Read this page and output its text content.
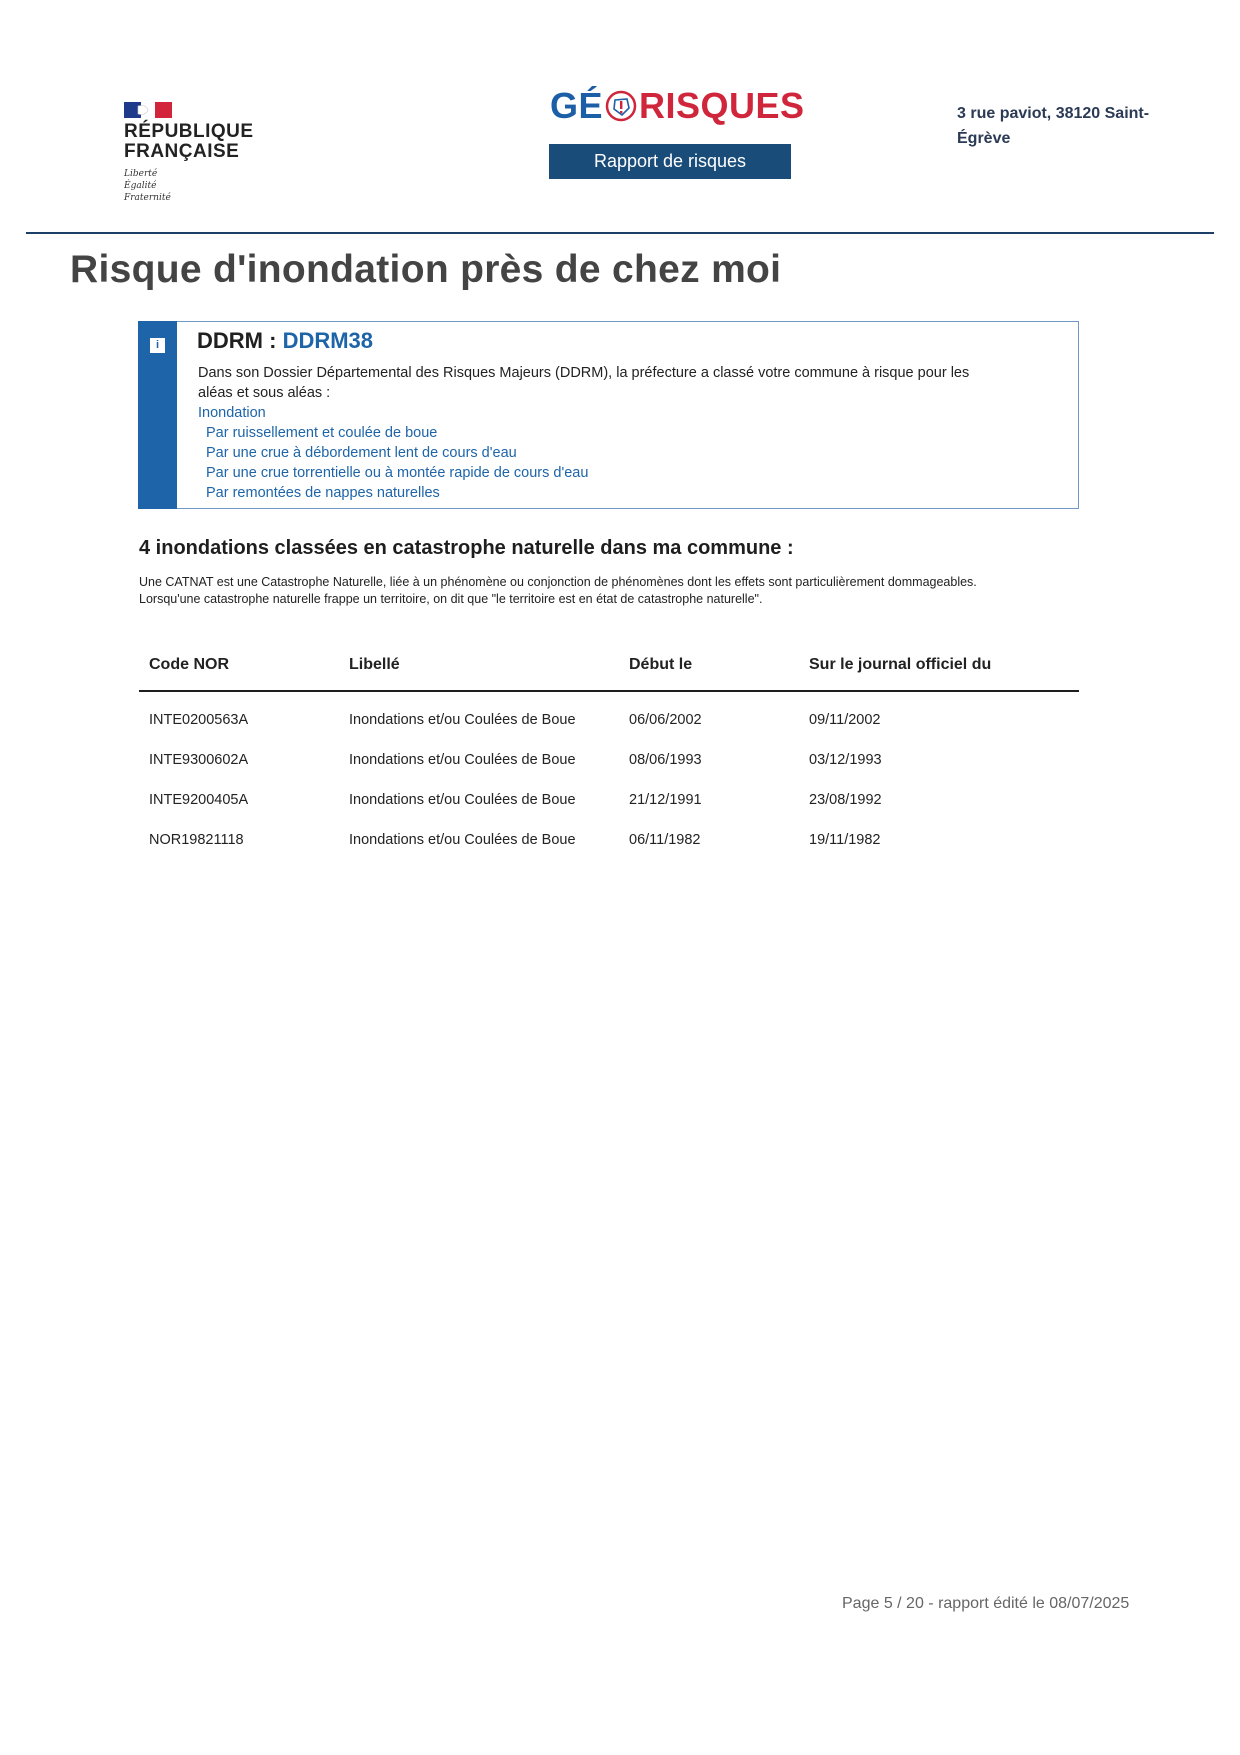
RÉPUBLIQUE
FRANÇAISE
Liberté
Égalité
Fraternité
GÉ RISQUES
Rapport de risques
3 rue paviot, 38120 Saint-Égrève
Risque d'inondation près de chez moi
i DDRM : DDRM38
Dans son Dossier Départemental des Risques Majeurs (DDRM), la préfecture a classé votre commune à risque pour les aléas et sous aléas :
Inondation
Par ruissellement et coulée de boue
Par une crue à débordement lent de cours d'eau
Par une crue torrentielle ou à montée rapide de cours d'eau
Par remontées de nappes naturelles
4 inondations classées en catastrophe naturelle dans ma commune :
Une CATNAT est une Catastrophe Naturelle, liée à un phénomène ou conjonction de phénomènes dont les effets sont particulièrement dommageables. Lorsqu'une catastrophe naturelle frappe un territoire, on dit que "le territoire est en état de catastrophe naturelle".
Code NOR	Libellé	Début le	Sur le journal officiel du
INTE0200563A	Inondations et/ou Coulées de Boue	06/06/2002	09/11/2002
INTE9300602A	Inondations et/ou Coulées de Boue	08/06/1993	03/12/1993
INTE9200405A	Inondations et/ou Coulées de Boue	21/12/1991	23/08/1992
NOR19821118	Inondations et/ou Coulées de Boue	06/11/1982	19/11/1982
Page 5 / 20 - rapport édité le 08/07/2025
